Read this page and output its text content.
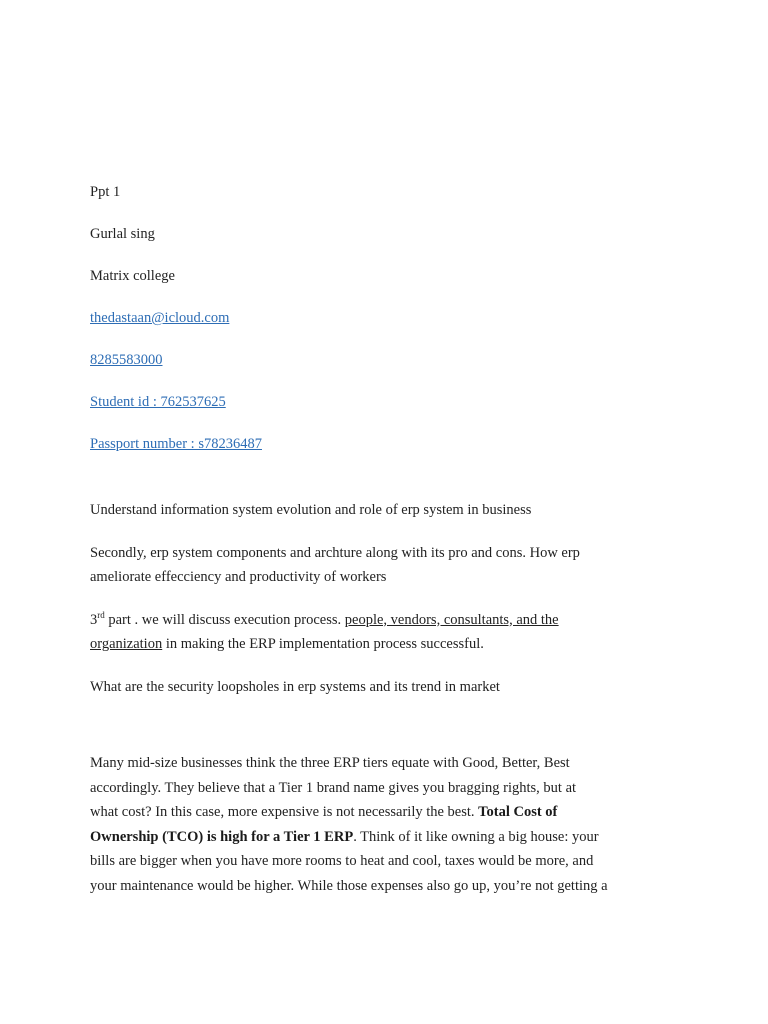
Ppt 1

Gurlal sing

Matrix college

thedastaan@icloud.com

8285583000

Student id : 762537625

Passport number : s78236487

Understand information system evolution and role of erp system in business

Secondly, erp system components and archture along with its pro and cons. How erp
ameliorate effecciency and productivity of workers

3rd part . we will discuss execution process. people, vendors, consultants, and the
organization in making the ERP implementation process successful.

What are the security loopsholes in erp systems and its trend in market

Many mid-size businesses think the three ERP tiers equate with Good, Better, Best
accordingly. They believe that a Tier 1 brand name gives you bragging rights, but at
what cost? In this case, more expensive is not necessarily the best. Total Cost of
Ownership (TCO) is high for a Tier 1 ERP. Think of it like owning a big house: your
bills are bigger when you have more rooms to heat and cool, taxes would be more, and
your maintenance would be higher. While those expenses also go up, you’re not getting a
